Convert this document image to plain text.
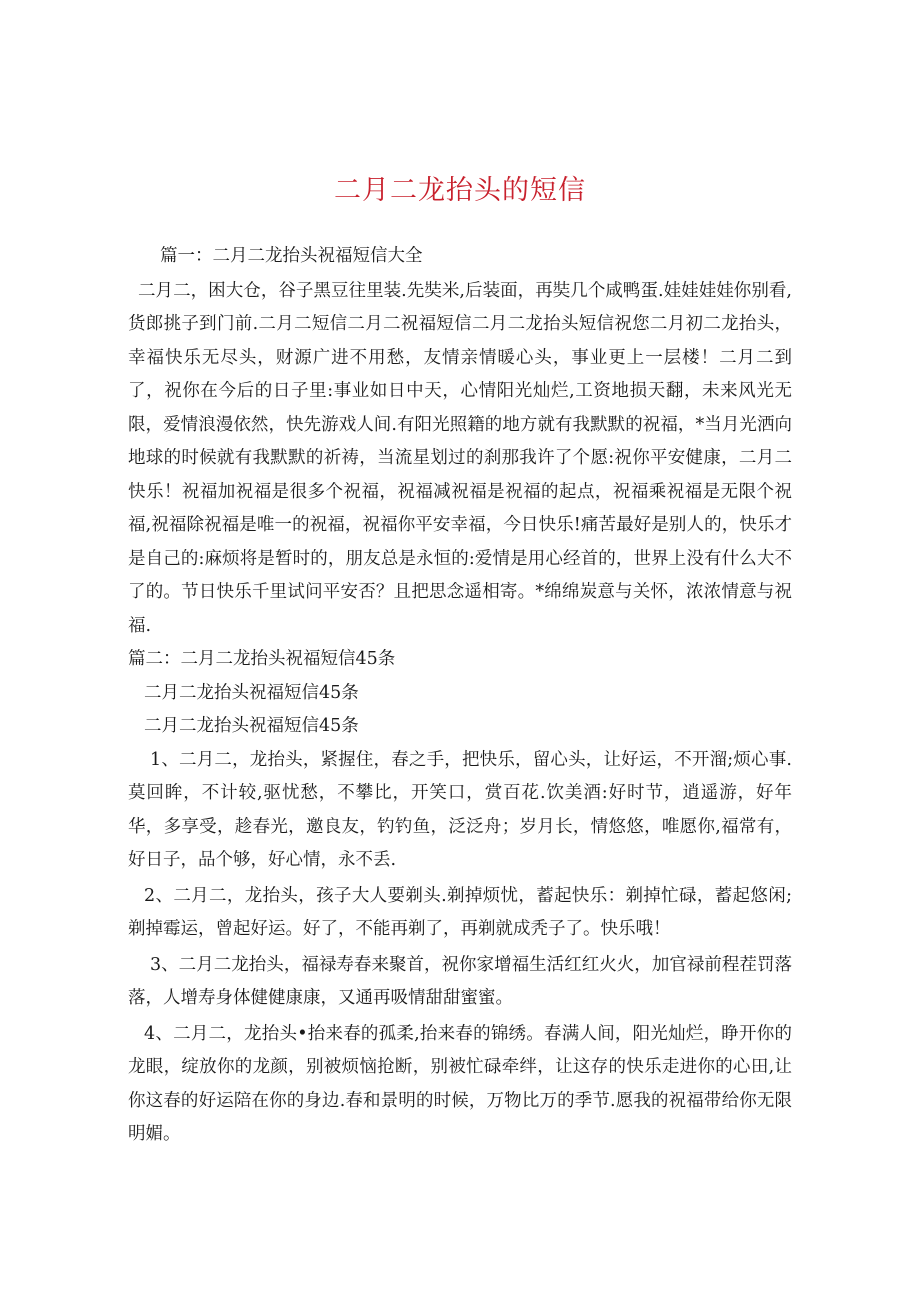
二月二龙抬头的短信

篇一：二月二龙抬头祝福短信大全

二月二，困大仓，谷子黑豆往里装.先奘米,后装面，再奘几个咸鸭蛋.娃娃娃娃你别看,货郎挑子到门前.二月二短信二月二祝福短信二月二龙抬头短信祝您二月初二龙抬头，幸福快乐无尽头，财源广进不用愁，友情亲情暖心头，事业更上一层楼！二月二到了，祝你在今后的日子里:事业如日中天，心情阳光灿烂,工资地损天翻，未来风光无限，爱情浪漫依然，快先游戏人间.有阳光照籍的地方就有我默默的祝福，*当月光洒向地球的时候就有我默默的祈祷，当流星划过的刹那我许了个愿:祝你平安健康，二月二快乐！祝福加祝福是很多个祝福，祝福减祝福是祝福的起点，祝福乘祝福是无限个祝福,祝福除祝福是唯一的祝福，祝福你平安幸福，今日快乐!痛苦最好是别人的，快乐才是自己的:麻烦将是暂时的，朋友总是永恒的:爱情是用心经首的，世界上没有什么大不了的。节日快乐千里试问平安否？且把思念遥相寄。*绵绵炭意与关怀，浓浓情意与祝福.

篇二：二月二龙抬头祝福短信45条

二月二龙抬头祝福短信45条

二月二龙抬头祝福短信45条

1、二月二，龙抬头，紧握住，春之手，把快乐，留心头，让好运，不开溜;烦心事.莫回眸，不计较,驱忧愁，不攀比，开笑口，赏百花.饮美酒:好时节，逍遥游，好年华，多享受，趁春光，邀良友，钓钓鱼，泛泛舟；岁月长，情悠悠，唯愿你,福常有，好日子，品个够，好心情，永不丢.

2、二月二，龙抬头，孩子大人要剃头.剃掉烦忧，蓄起快乐：剃掉忙碌，蓄起悠闲;剃掉霉运，曾起好运。好了，不能再剃了，再剃就成秃子了。快乐哦！

3、二月二龙抬头，福禄寿春来聚首，祝你家增福生活红红火火，加官禄前程茬罚落落，人增寿身体健健康康，又通再吸情甜甜蜜蜜。

4、二月二，龙抬头•抬来春的孤柔,抬来春的锦绣。春满人间，阳光灿烂，睁开你的龙眼，绽放你的龙颜，别被烦恼抢断，别被忙碌牵绊，让这存的快乐走进你的心田,让你这春的好运陪在你的身边.春和景明的时候，万物比万的季节.愿我的祝福带给你无限明媚。
